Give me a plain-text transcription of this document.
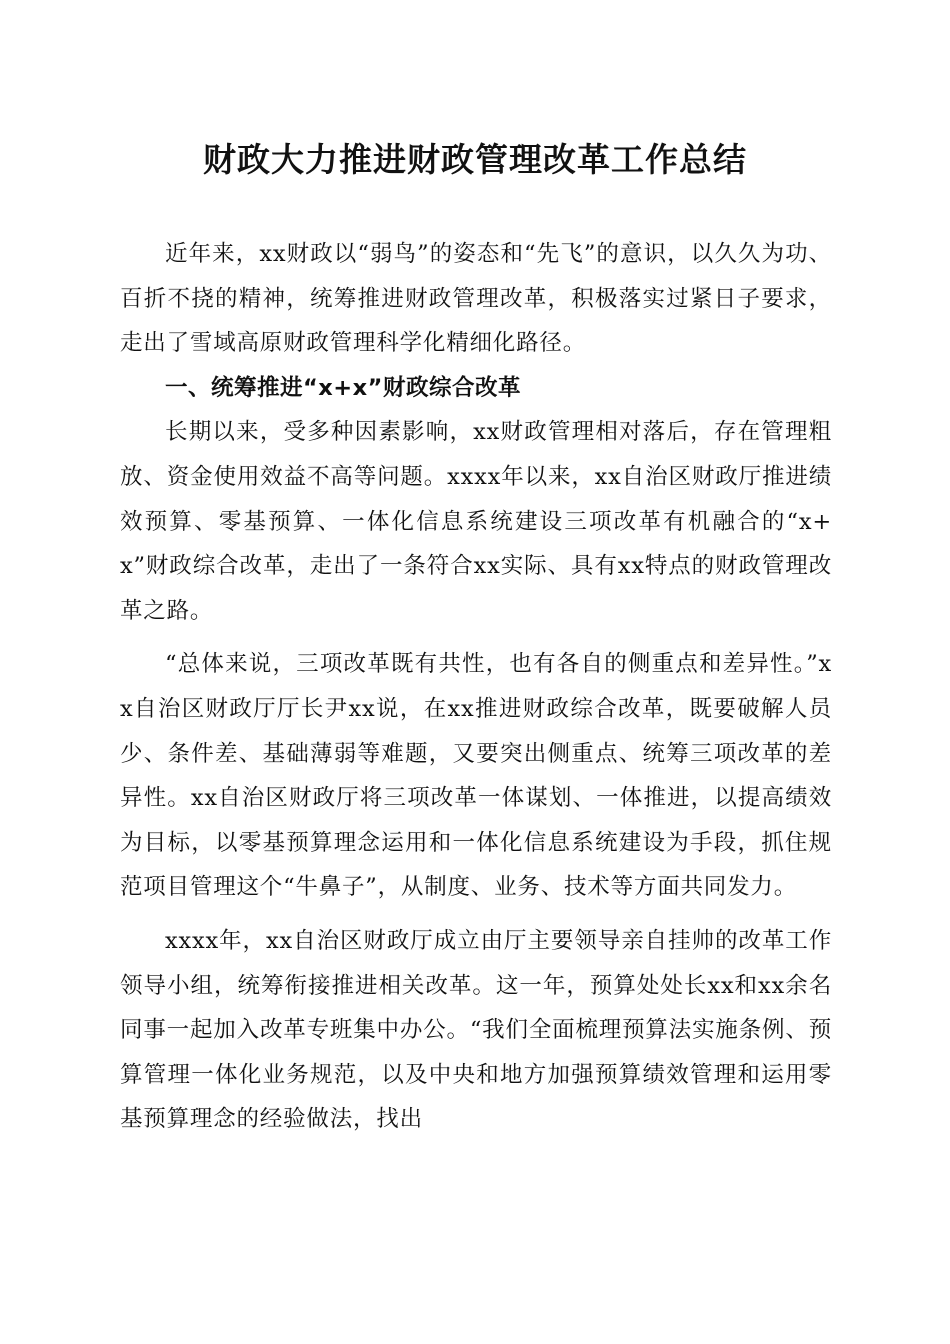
财政大力推进财政管理改革工作总结

近年来，xx财政以“弱鸟”的姿态和“先飞”的意识，以久久为功、百折不挠的精神，统筹推进财政管理改革，积极落实过紧日子要求，走出了雪域高原财政管理科学化精细化路径。

一、统筹推进“x+x”财政综合改革

长期以来，受多种因素影响，xx财政管理相对落后，存在管理粗放、资金使用效益不高等问题。xxxx年以来，xx自治区财政厅推进绩效预算、零基预算、一体化信息系统建设三项改革有机融合的“x+x”财政综合改革，走出了一条符合xx实际、具有xx特点的财政管理改革之路。

“总体来说，三项改革既有共性，也有各自的侧重点和差异性。”xx自治区财政厅厅长尹xx说，在xx推进财政综合改革，既要破解人员少、条件差、基础薄弱等难题，又要突出侧重点、统筹三项改革的差异性。xx自治区财政厅将三项改革一体谋划、一体推进，以提高绩效为目标，以零基预算理念运用和一体化信息系统建设为手段，抓住规范项目管理这个“牛鼻子”，从制度、业务、技术等方面共同发力。

xxxx年，xx自治区财政厅成立由厅主要领导亲自挂帅的改革工作领导小组，统筹衔接推进相关改革。这一年，预算处处长xx和xx余名同事一起加入改革专班集中办公。“我们全面梳理预算法实施条例、预算管理一体化业务规范，以及中央和地方加强预算绩效管理和运用零基预算理念的经验做法，找出
